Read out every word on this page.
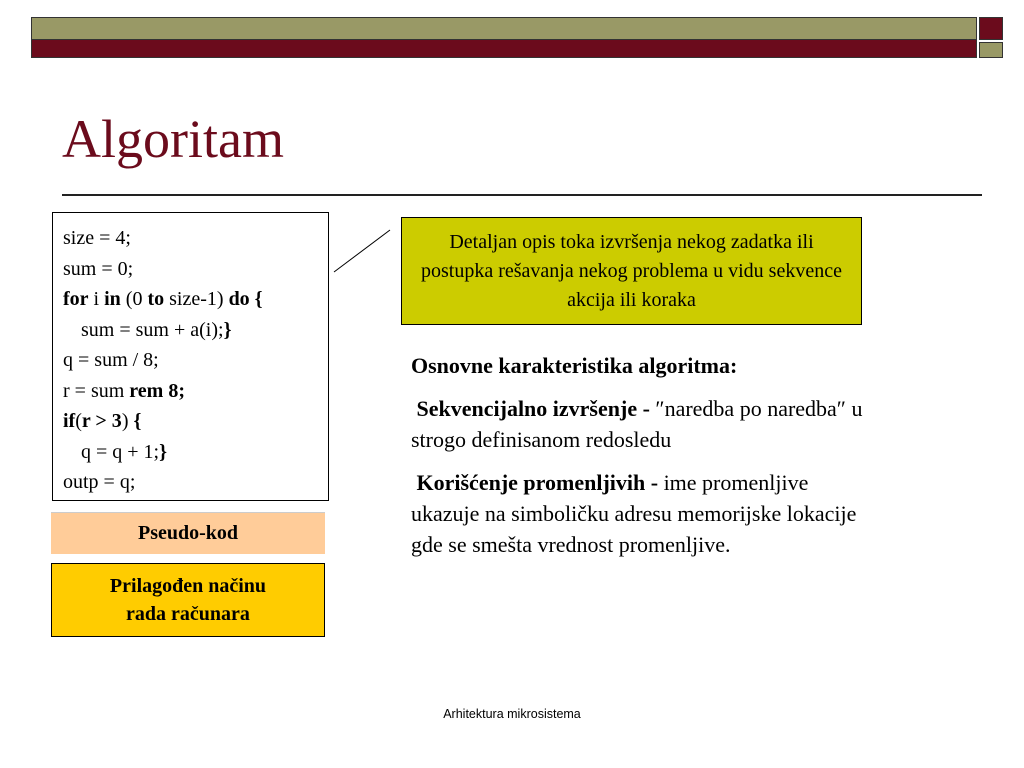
Algoritam
size = 4;
sum = 0;
for i in (0 to size-1) do {
sum = sum + a(i);}
q = sum / 8;
r = sum rem 8;
if(r > 3) {
q = q + 1;}
outp = q;
Detaljan opis toka izvršenja nekog zadatka ili postupka rešavanja nekog problema u vidu sekvence akcija ili koraka
Pseudo-kod
Prilagođen načinu
rada računara
Osnovne karakteristika algoritma:
Sekvencijalno izvršenje - ″naredba po naredba″ u strogo definisanom redosledu
Korišćenje promenljivih - ime promenljive ukazuje na simboličku adresu memorijske lokacije gde se smešta vrednost promenljive.
Arhitektura mikrosistema
